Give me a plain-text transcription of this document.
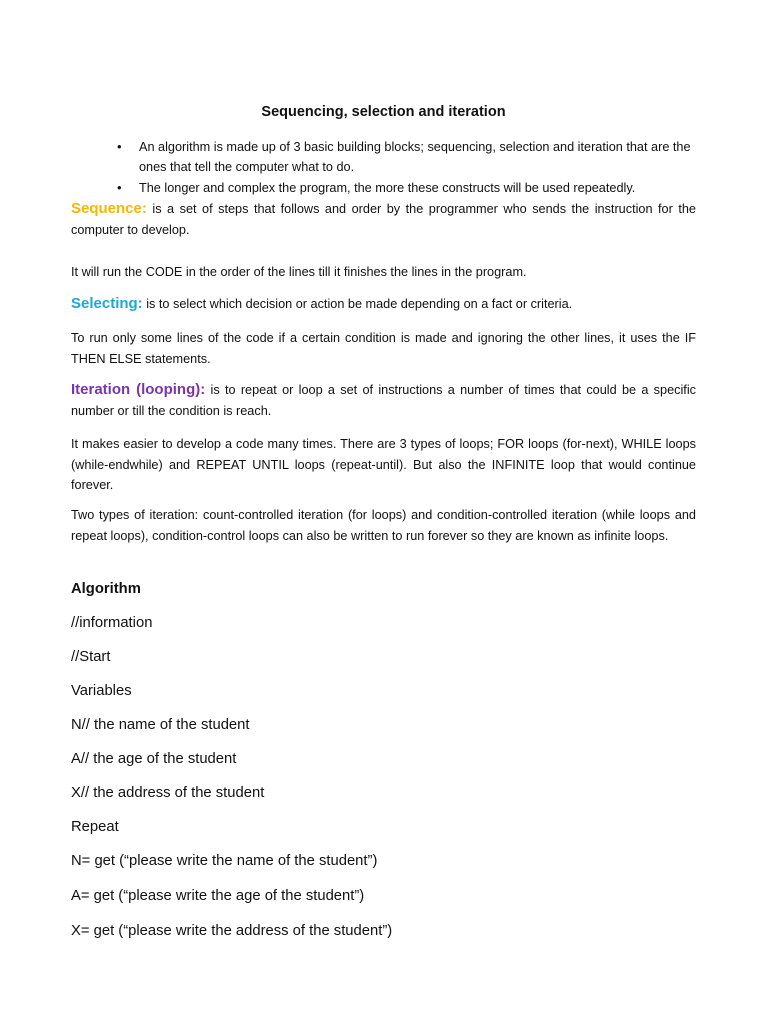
Sequencing, selection and iteration
• An algorithm is made up of 3 basic building blocks; sequencing, selection and iteration that are the ones that tell the computer what to do.
• The longer and complex the program, the more these constructs will be used repeatedly.

Sequence: is a set of steps that follows and order by the programmer who sends the instruction for the computer to develop.

It will run the CODE in the order of the lines till it finishes the lines in the program.

Selecting: is to select which decision or action be made depending on a fact or criteria.

To run only some lines of the code if a certain condition is made and ignoring the other lines, it uses the IF THEN ELSE statements.

Iteration (looping): is to repeat or loop a set of instructions a number of times that could be a specific number or till the condition is reach.

It makes easier to develop a code many times. There are 3 types of loops; FOR loops (for-next), WHILE loops (while-endwhile) and REPEAT UNTIL loops (repeat-until). But also the INFINITE loop that would continue forever.

Two types of iteration: count-controlled iteration (for loops) and condition-controlled iteration (while loops and repeat loops), condition-control loops can also be written to run forever so they are known as infinite loops.

Algorithm
//information
//Start
Variables
N// the name of the student
A// the age of the student
X// the address of the student
Repeat
N= get (“please write the name of the student”)
A= get (“please write the age of the student”)
X= get (“please write the address of the student”)
